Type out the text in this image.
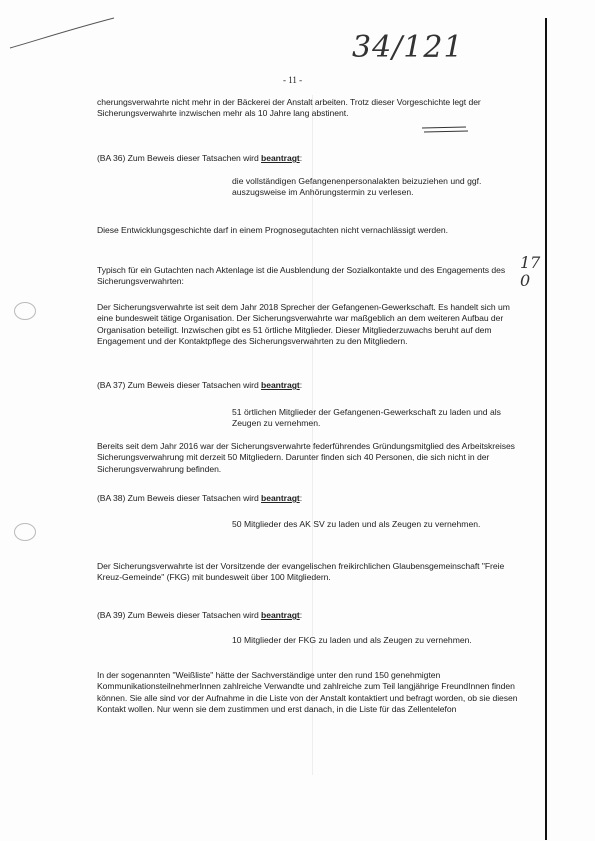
34/121
- 11 -
cherungsverwahrte nicht mehr in der Bäckerei der Anstalt arbeiten. Trotz dieser Vorgeschichte legt der Sicherungsverwahrte inzwischen mehr als 10 Jahre lang abstinent.
(BA 36) Zum Beweis dieser Tatsachen wird beantragt:
die vollständigen Gefangenenpersonalakten beizuziehen und ggf. auszugsweise im Anhörungstermin zu verlesen.
Diese Entwicklungsgeschichte darf in einem Prognosegutachten nicht vernachlässigt werden.
Typisch für ein Gutachten nach Aktenlage ist die Ausblendung der Sozialkontakte und des Engagements des Sicherungsverwahrten:
17
0
Der Sicherungsverwahrte ist seit dem Jahr 2018 Sprecher der Gefangenen-Gewerkschaft. Es handelt sich um eine bundesweit tätige Organisation. Der Sicherungsverwahrte war maßgeblich an dem weiteren Aufbau der Organisation beteiligt. Inzwischen gibt es 51 örtliche Mitglieder. Dieser Mitgliederzuwachs beruht auf dem Engagement und der Kontaktpflege des Sicherungsverwahrten zu den Mitgliedern.
(BA 37) Zum Beweis dieser Tatsachen wird beantragt:
51 örtlichen Mitglieder der Gefangenen-Gewerkschaft zu laden und als Zeugen zu vernehmen.
Bereits seit dem Jahr 2016 war der Sicherungsverwahrte federführendes Gründungsmitglied des Arbeitskreises Sicherungsverwahrung mit derzeit 50 Mitgliedern. Darunter finden sich 40 Personen, die sich nicht in der Sicherungsverwahrung befinden.
(BA 38) Zum Beweis dieser Tatsachen wird beantragt:
50 Mitglieder des AK SV zu laden und als Zeugen zu vernehmen.
Der Sicherungsverwahrte ist der Vorsitzende der evangelischen freikirchlichen Glaubensgemeinschaft "Freie Kreuz-Gemeinde" (FKG) mit bundesweit über 100 Mitgliedern.
(BA 39) Zum Beweis dieser Tatsachen wird beantragt:
10 Mitglieder der FKG zu laden und als Zeugen zu vernehmen.
In der sogenannten "Weißliste" hätte der Sachverständige unter den rund 150 genehmigten KommunikationsteilnehmerInnen zahlreiche Verwandte und zahlreiche zum Teil langjährige FreundInnen finden können. Sie alle sind vor der Aufnahme in die Liste von der Anstalt kontaktiert und befragt worden, ob sie diesen Kontakt wollen. Nur wenn sie dem zustimmen und erst danach, in die Liste für das Zellentelefon
